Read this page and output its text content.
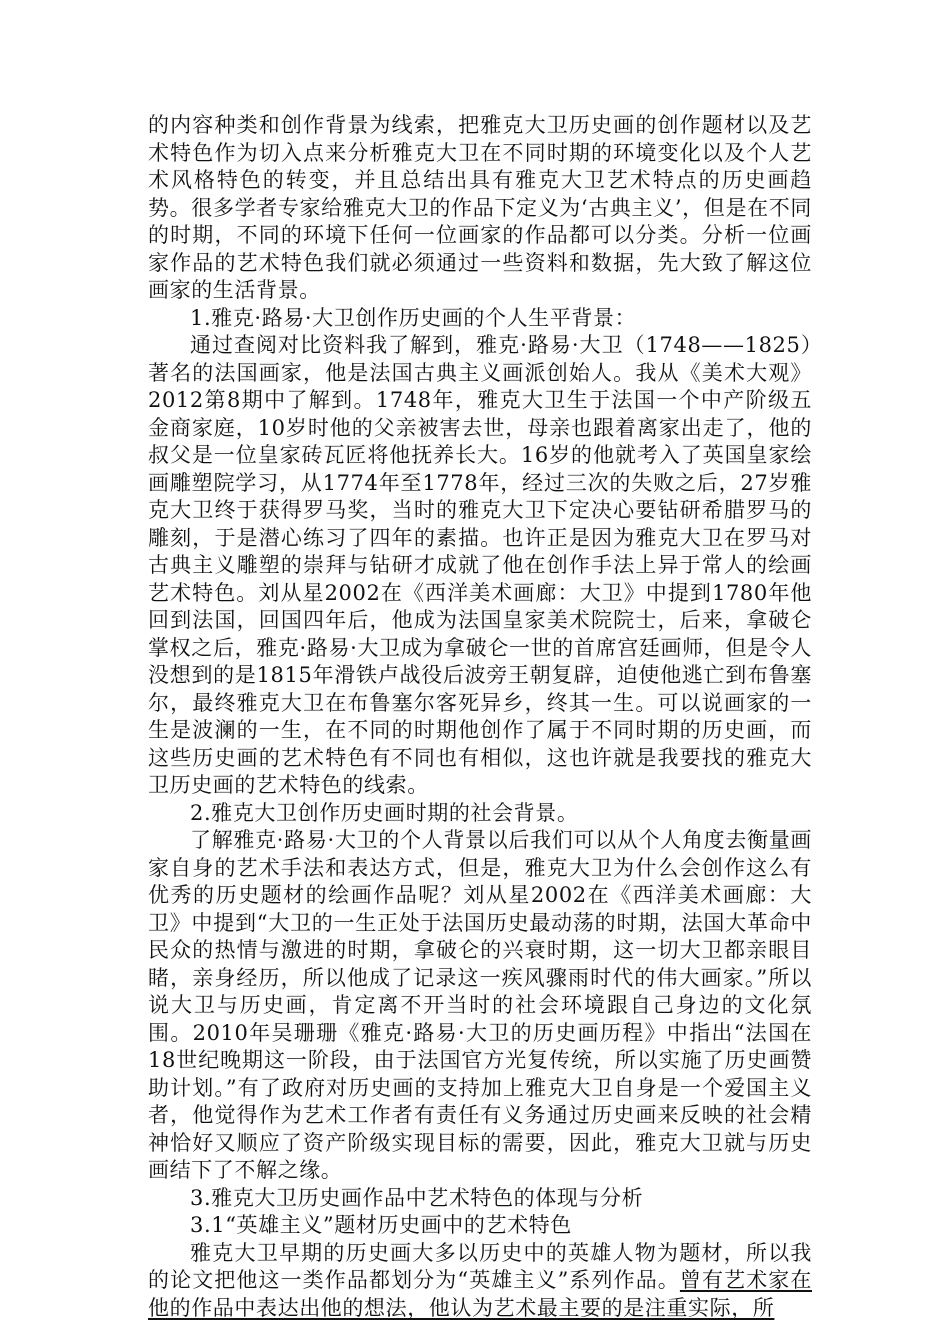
的内容种类和创作背景为线索，把雅克大卫历史画的创作题材以及艺术特色作为切入点来分析雅克大卫在不同时期的环境变化以及个人艺术风格特色的转变，并且总结出具有雅克大卫艺术特点的历史画趋势。很多学者专家给雅克大卫的作品下定义为‘古典主义’，但是在不同的时期，不同的环境下任何一位画家的作品都可以分类。分析一位画家作品的艺术特色我们就必须通过一些资料和数据，先大致了解这位画家的生活背景。

1.雅克·路易·大卫创作历史画的个人生平背景：

通过查阅对比资料我了解到，雅克·路易·大卫（1748——1825）著名的法国画家，他是法国古典主义画派创始人。我从《美术大观》2012第8期中了解到。1748年，雅克大卫生于法国一个中产阶级五金商家庭，10岁时他的父亲被害去世，母亲也跟着离家出走了，他的叔父是一位皇家砖瓦匠将他抚养长大。16岁的他就考入了英国皇家绘画雕塑院学习，从1774年至1778年，经过三次的失败之后，27岁雅克大卫终于获得罗马奖，当时的雅克大卫下定决心要钻研希腊罗马的雕刻，于是潜心练习了四年的素描。也许正是因为雅克大卫在罗马对古典主义雕塑的崇拜与钻研才成就了他在创作手法上异于常人的绘画艺术特色。刘从星2002在《西洋美术画廊：大卫》中提到1780年他回到法国，回国四年后，他成为法国皇家美术院院士，后来，拿破仑掌权之后，雅克·路易·大卫成为拿破仑一世的首席宫廷画师，但是令人没想到的是1815年滑铁卢战役后波旁王朝复辟，迫使他逃亡到布鲁塞尔，最终雅克大卫在布鲁塞尔客死异乡，终其一生。可以说画家的一生是波澜的一生，在不同的时期他创作了属于不同时期的历史画，而这些历史画的艺术特色有不同也有相似，这也许就是我要找的雅克大卫历史画的艺术特色的线索。

2.雅克大卫创作历史画时期的社会背景。

了解雅克·路易·大卫的个人背景以后我们可以从个人角度去衡量画家自身的艺术手法和表达方式，但是，雅克大卫为什么会创作这么有优秀的历史题材的绘画作品呢？刘从星2002在《西洋美术画廊：大卫》中提到“大卫的一生正处于法国历史最动荡的时期，法国大革命中民众的热情与激进的时期，拿破仑的兴衰时期，这一切大卫都亲眼目睹，亲身经历，所以他成了记录这一疾风骤雨时代的伟大画家。”所以说大卫与历史画，肯定离不开当时的社会环境跟自己身边的文化氛围。2010年吴珊珊《雅克·路易·大卫的历史画历程》中指出“法国在18世纪晚期这一阶段，由于法国官方光复传统，所以实施了历史画赞助计划。”有了政府对历史画的支持加上雅克大卫自身是一个爱国主义者，他觉得作为艺术工作者有责任有义务通过历史画来反映的社会精神恰好又顺应了资产阶级实现目标的需要，因此，雅克大卫就与历史画结下了不解之缘。

3.雅克大卫历史画作品中艺术特色的体现与分析

3.1“英雄主义”题材历史画中的艺术特色

雅克大卫早期的历史画大多以历史中的英雄人物为题材，所以我的论文把他这一类作品都划分为“英雄主义”系列作品。曾有艺术家在他的作品中表达出他的想法，他认为艺术最主要的是注重实际，所
